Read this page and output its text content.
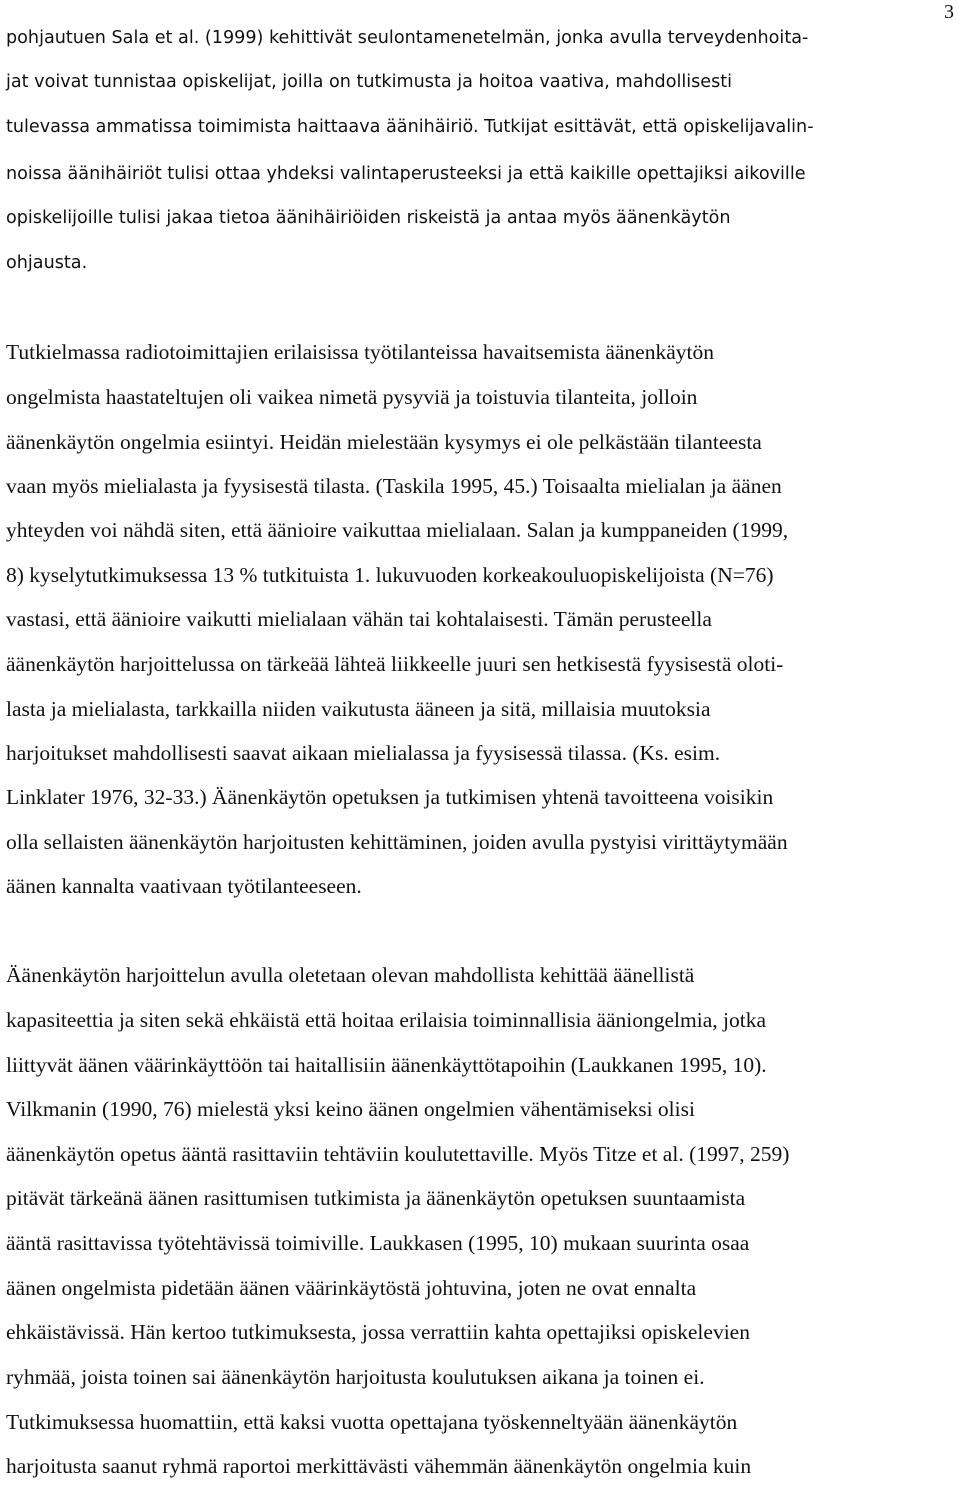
3

pohjautuen Sala et al. (1999) kehittivät seulontamenetelmän, jonka avulla terveydenhoita-

jat voivat tunnistaa opiskelijat, joilla on tutkimusta ja hoitoa vaativa, mahdollisesti

tulevassa ammatissa toimimista haittaava äänihäiriö. Tutkijat esittävät, että opiskelijavalin-

noissa äänihäiriöt tulisi ottaa yhdeksi valintaperusteeksi ja että kaikille opettajiksi aikoville

opiskelijoille tulisi jakaa tietoa äänihäiriöiden riskeistä ja antaa myös äänenkäytön

ohjausta.

Tutkielmassa radiotoimittajien erilaisissa työtilanteissa havaitsemista äänenkäytön

ongelmista haastateltujen oli vaikea nimetä pysyviä ja toistuvia tilanteita, jolloin

äänenkäytön ongelmia esiintyi. Heidän mielestään kysymys ei ole pelkästään tilanteesta

vaan myös mielialasta ja fyysisestä tilasta. (Taskila 1995, 45.) Toisaalta mielialan ja äänen

yhteyden voi nähdä siten, että äänioire vaikuttaa mielialaan. Salan ja kumppaneiden (1999,

8) kyselytutkimuksessa 13 % tutkituista 1. lukuvuoden korkeakouluopiskelijoista (N=76)

vastasi, että äänioire vaikutti mielialaan vähän tai kohtalaisesti. Tämän perusteella

äänenkäytön harjoittelussa on tärkeää lähteä liikkeelle juuri sen hetkisestä fyysisestä oloti-

lasta ja mielialasta, tarkkailla niiden vaikutusta ääneen ja sitä, millaisia muutoksia

harjoitukset mahdollisesti saavat aikaan mielialassa ja fyysisessä tilassa. (Ks. esim.

Linklater 1976, 32-33.) Äänenkäytön opetuksen ja tutkimisen yhtenä tavoitteena voisikin

olla sellaisten äänenkäytön harjoitusten kehittäminen, joiden avulla pystyisi virittäytymään

äänen kannalta vaativaan työtilanteeseen.

Äänenkäytön harjoittelun avulla oletetaan olevan mahdollista kehittää äänellistä

kapasiteettia ja siten sekä ehkäistä että hoitaa erilaisia toiminnallisia ääniongelmia, jotka

liittyvät äänen väärinkäyttöön tai haitallisiin äänenkäyttötapoihin (Laukkanen 1995, 10).

Vilkmanin (1990, 76) mielestä yksi keino äänen ongelmien vähentämiseksi olisi

äänenkäytön opetus ääntä rasittaviin tehtäviin koulutettaville. Myös Titze et al. (1997, 259)

pitävät tärkeänä äänen rasittumisen tutkimista ja äänenkäytön opetuksen suuntaamista

ääntä rasittavissa työtehtävissä toimiville. Laukkasen (1995, 10) mukaan suurinta osaa

äänen ongelmista pidetään äänen väärinkäytöstä johtuvina, joten ne ovat ennalta

ehkäistävissä. Hän kertoo tutkimuksesta, jossa verrattiin kahta opettajiksi opiskelevien

ryhmää, joista toinen sai äänenkäytön harjoitusta koulutuksen aikana ja toinen ei.

Tutkimuksessa huomattiin, että kaksi vuotta opettajana työskenneltyään äänenkäytön

harjoitusta saanut ryhmä raportoi merkittävästi vähemmän äänenkäytön ongelmia kuin
